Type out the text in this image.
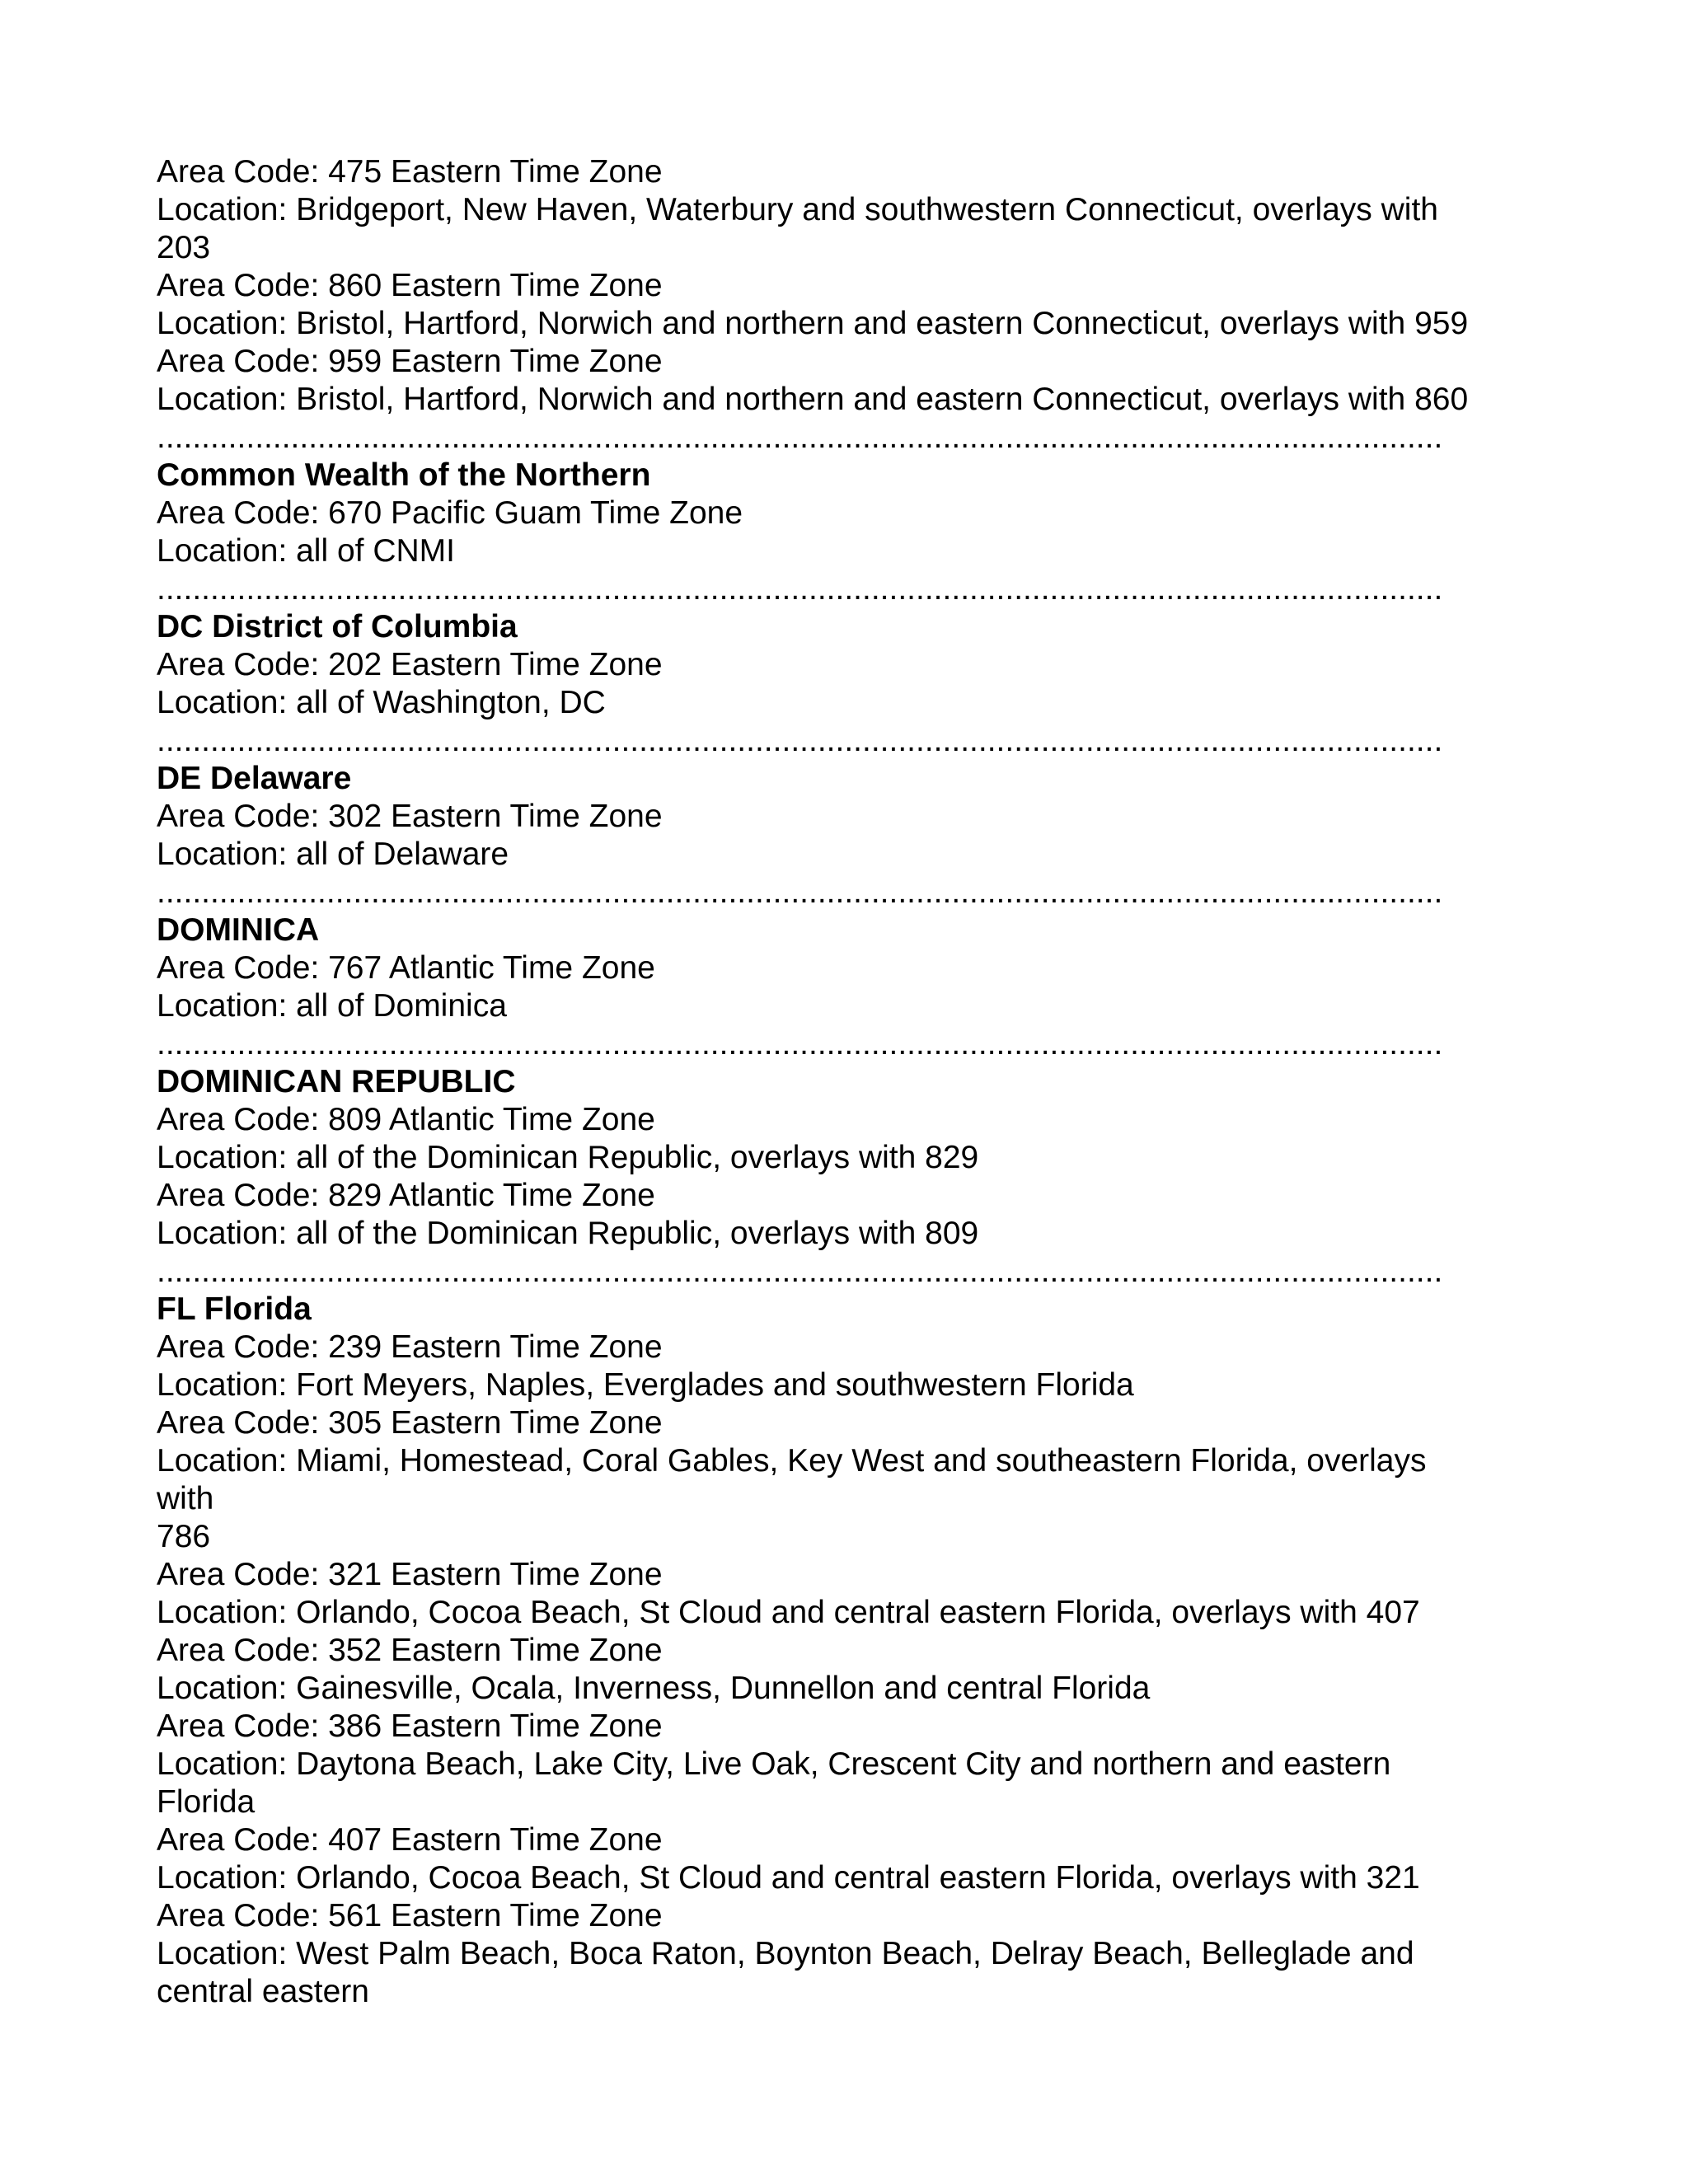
Area Code: 475 Eastern Time Zone
Location: Bridgeport, New Haven, Waterbury and southwestern Connecticut, overlays with
203
Area Code: 860 Eastern Time Zone
Location: Bristol, Hartford, Norwich and northern and eastern Connecticut, overlays with 959
Area Code: 959 Eastern Time Zone
Location: Bristol, Hartford, Norwich and northern and eastern Connecticut, overlays with 860
................................................................................................................................................
Common Wealth of the Northern
Area Code: 670 Pacific Guam Time Zone
Location: all of CNMI
................................................................................................................................................
DC District of Columbia
Area Code: 202 Eastern Time Zone
Location: all of Washington, DC
................................................................................................................................................
DE Delaware
Area Code: 302 Eastern Time Zone
Location: all of Delaware
................................................................................................................................................
DOMINICA
Area Code: 767 Atlantic Time Zone
Location: all of Dominica
................................................................................................................................................
DOMINICAN REPUBLIC
Area Code: 809 Atlantic Time Zone
Location: all of the Dominican Republic, overlays with 829
Area Code: 829 Atlantic Time Zone
Location: all of the Dominican Republic, overlays with 809
................................................................................................................................................
FL Florida
Area Code: 239 Eastern Time Zone
Location: Fort Meyers, Naples, Everglades and southwestern Florida
Area Code: 305 Eastern Time Zone
Location: Miami, Homestead, Coral Gables, Key West and southeastern Florida, overlays
with
786
Area Code: 321 Eastern Time Zone
Location: Orlando, Cocoa Beach, St Cloud and central eastern Florida, overlays with 407
Area Code: 352 Eastern Time Zone
Location: Gainesville, Ocala, Inverness, Dunnellon and central Florida
Area Code: 386 Eastern Time Zone
Location: Daytona Beach, Lake City, Live Oak, Crescent City and northern and eastern
Florida
Area Code: 407 Eastern Time Zone
Location: Orlando, Cocoa Beach, St Cloud and central eastern Florida, overlays with 321
Area Code: 561 Eastern Time Zone
Location: West Palm Beach, Boca Raton, Boynton Beach, Delray Beach, Belleglade and
central eastern
